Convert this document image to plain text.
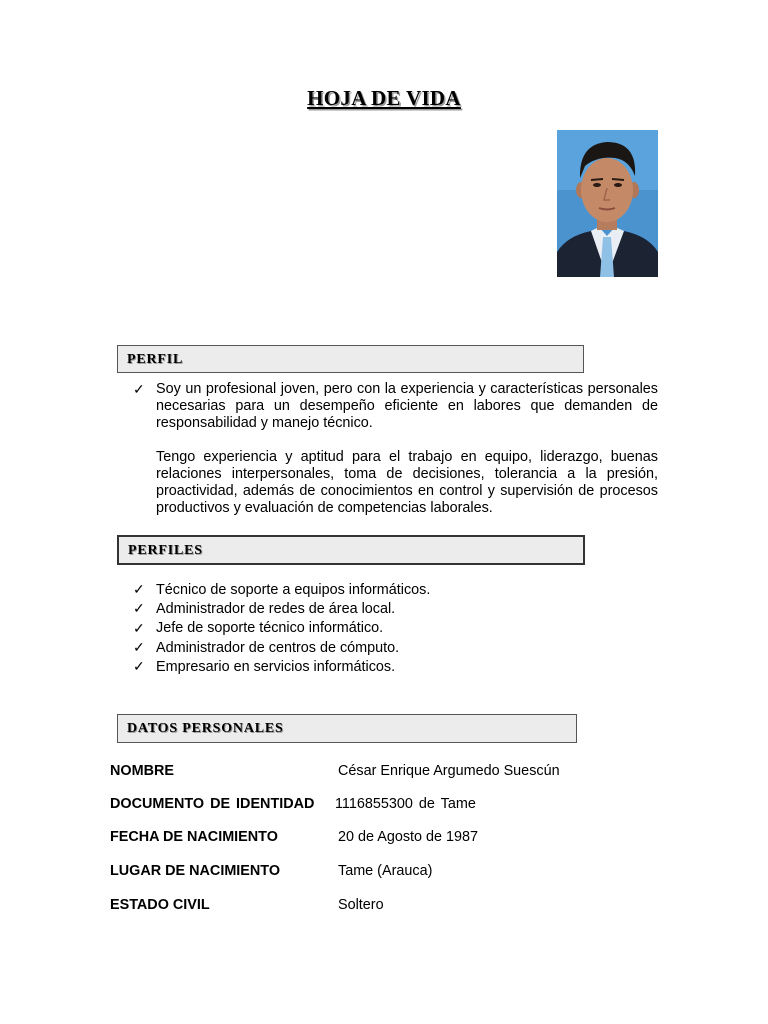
HOJA DE VIDA
PERFIL
✓ Soy un profesional joven, pero con la experiencia y características personales necesarias para un desempeño eficiente en labores que demanden de responsabilidad y manejo técnico.
Tengo experiencia y aptitud para el trabajo en equipo, liderazgo, buenas relaciones interpersonales, toma de decisiones, tolerancia a la presión, proactividad, además de conocimientos en control y supervisión de procesos productivos y evaluación de competencias laborales.
PERFILES
✓ Técnico de soporte a equipos informáticos.
✓ Administrador de redes de área local.
✓ Jefe de soporte técnico informático.
✓ Administrador de centros de cómputo.
✓ Empresario en servicios informáticos.
DATOS PERSONALES
NOMBRE	César Enrique Argumedo Suescún
DOCUMENTO DE IDENTIDAD 1116855300 de Tame
FECHA DE NACIMIENTO	20 de Agosto de 1987
LUGAR DE NACIMIENTO	Tame (Arauca)
ESTADO CIVIL	Soltero
